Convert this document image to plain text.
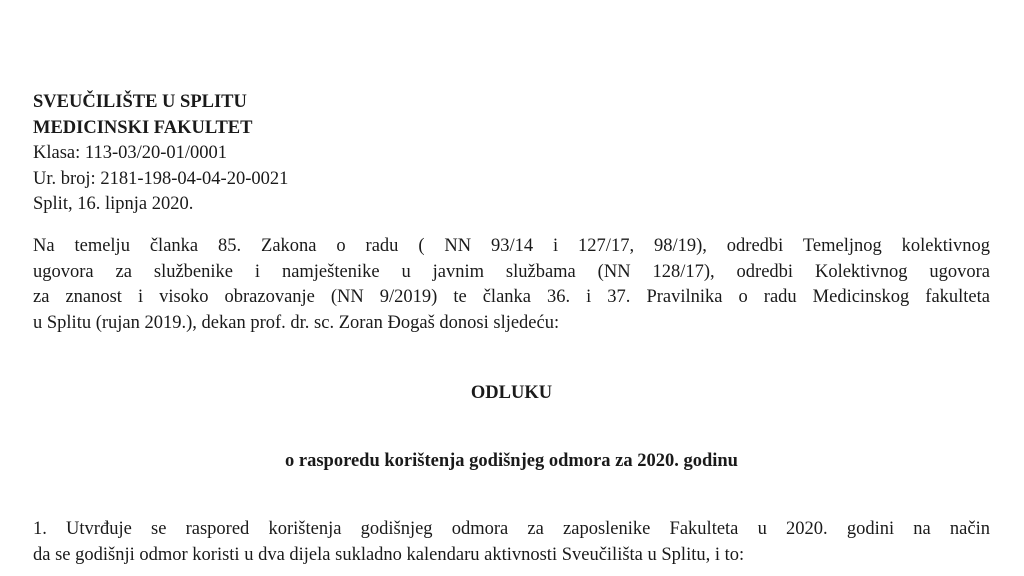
SVEUČILIŠTE U SPLITU
MEDICINSKI FAKULTET
Klasa: 113-03/20-01/0001
Ur. broj: 2181-198-04-04-20-0021
Split, 16. lipnja 2020.
Na temelju članka 85. Zakona o radu ( NN 93/14 i 127/17, 98/19), odredbi Temeljnog kolektivnog
ugovora za službenike i namještenike u javnim službama (NN 128/17), odredbi Kolektivnog ugovora
za znanost i visoko obrazovanje (NN 9/2019) te članka 36. i 37. Pravilnika o radu Medicinskog fakulteta
u Splitu (rujan 2019.), dekan prof. dr. sc. Zoran Đogaš donosi sljedeću:
ODLUKU
o rasporedu korištenja godišnjeg odmora za 2020. godinu
1. Utvrđuje se raspored korištenja godišnjeg odmora za zaposlenike Fakulteta u 2020. godini na način
da se godišnji odmor koristi u dva dijela sukladno kalendaru aktivnosti Sveučilišta u Splitu, i to:
